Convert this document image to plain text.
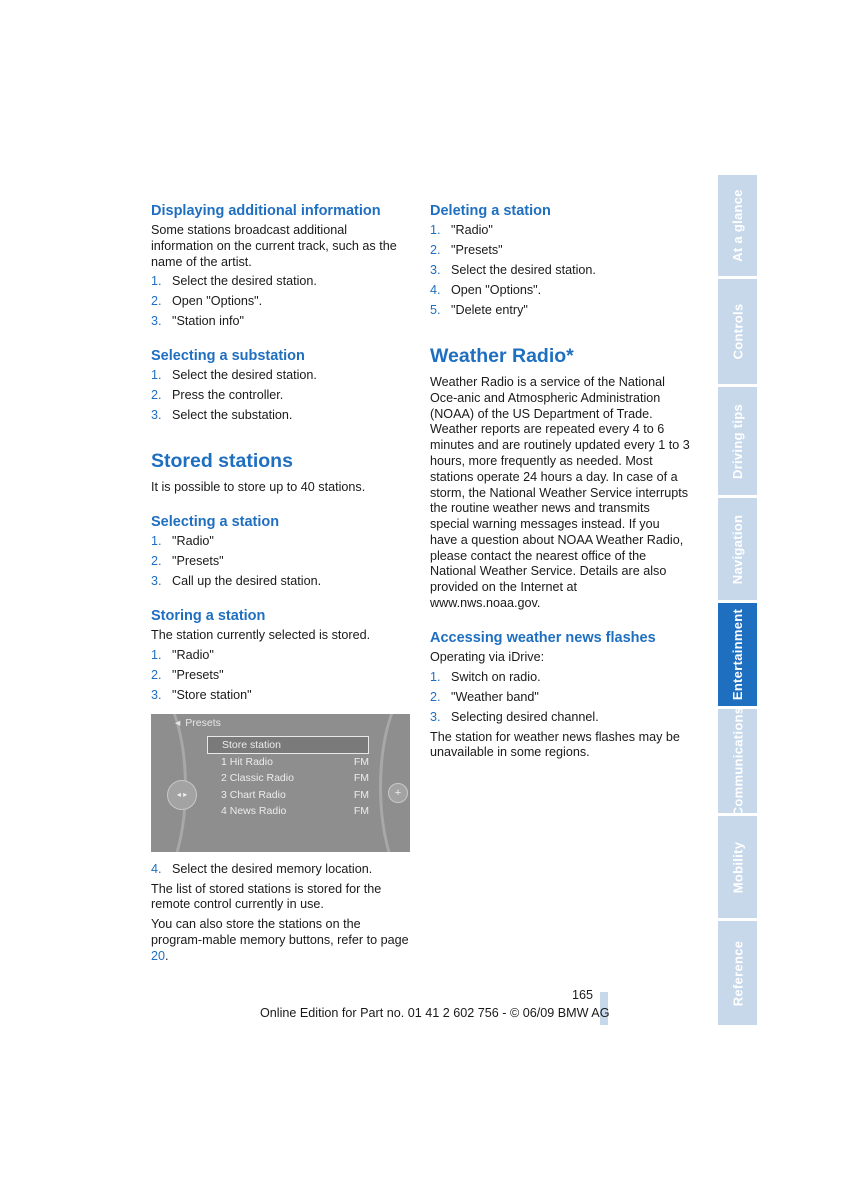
Displaying additional information
Some stations broadcast additional information on the current track, such as the name of the artist.
1. Select the desired station.
2. Open "Options".
3. "Station info"
Selecting a substation
1. Select the desired station.
2. Press the controller.
3. Select the substation.
Stored stations
It is possible to store up to 40 stations.
Selecting a station
1. "Radio"
2. "Presets"
3. Call up the desired station.
Storing a station
The station currently selected is stored.
1. "Radio"
2. "Presets"
3. "Store station"
◂ Presets
Store station
1 Hit Radio	FM
2 Classic Radio	FM
3 Chart Radio	FM
4 News Radio	FM
◂ ▸	+
4. Select the desired memory location.
The list of stored stations is stored for the remote control currently in use.
You can also store the stations on the program-mable memory buttons, refer to page 20.
Deleting a station
1. "Radio"
2. "Presets"
3. Select the desired station.
4. Open "Options".
5. "Delete entry"
Weather Radio*
Weather Radio is a service of the National Oce-anic and Atmospheric Administration (NOAA) of the US Department of Trade. Weather reports are repeated every 4 to 6 minutes and are routinely updated every 1 to 3 hours, more frequently as needed. Most stations operate 24 hours a day. In case of a storm, the National Weather Service interrupts the routine weather news and transmits special warning messages instead. If you have a question about NOAA Weather Radio, please contact the nearest office of the National Weather Service. Details are also provided on the Internet at www.nws.noaa.gov.
Accessing weather news flashes
Operating via iDrive:
1. Switch on radio.
2. "Weather band"
3. Selecting desired channel.
The station for weather news flashes may be unavailable in some regions.
At a glance
Controls
Driving tips
Navigation
Entertainment
Communications
Mobility
Reference
165
Online Edition for Part no. 01 41 2 602 756 - © 06/09 BMW AG
